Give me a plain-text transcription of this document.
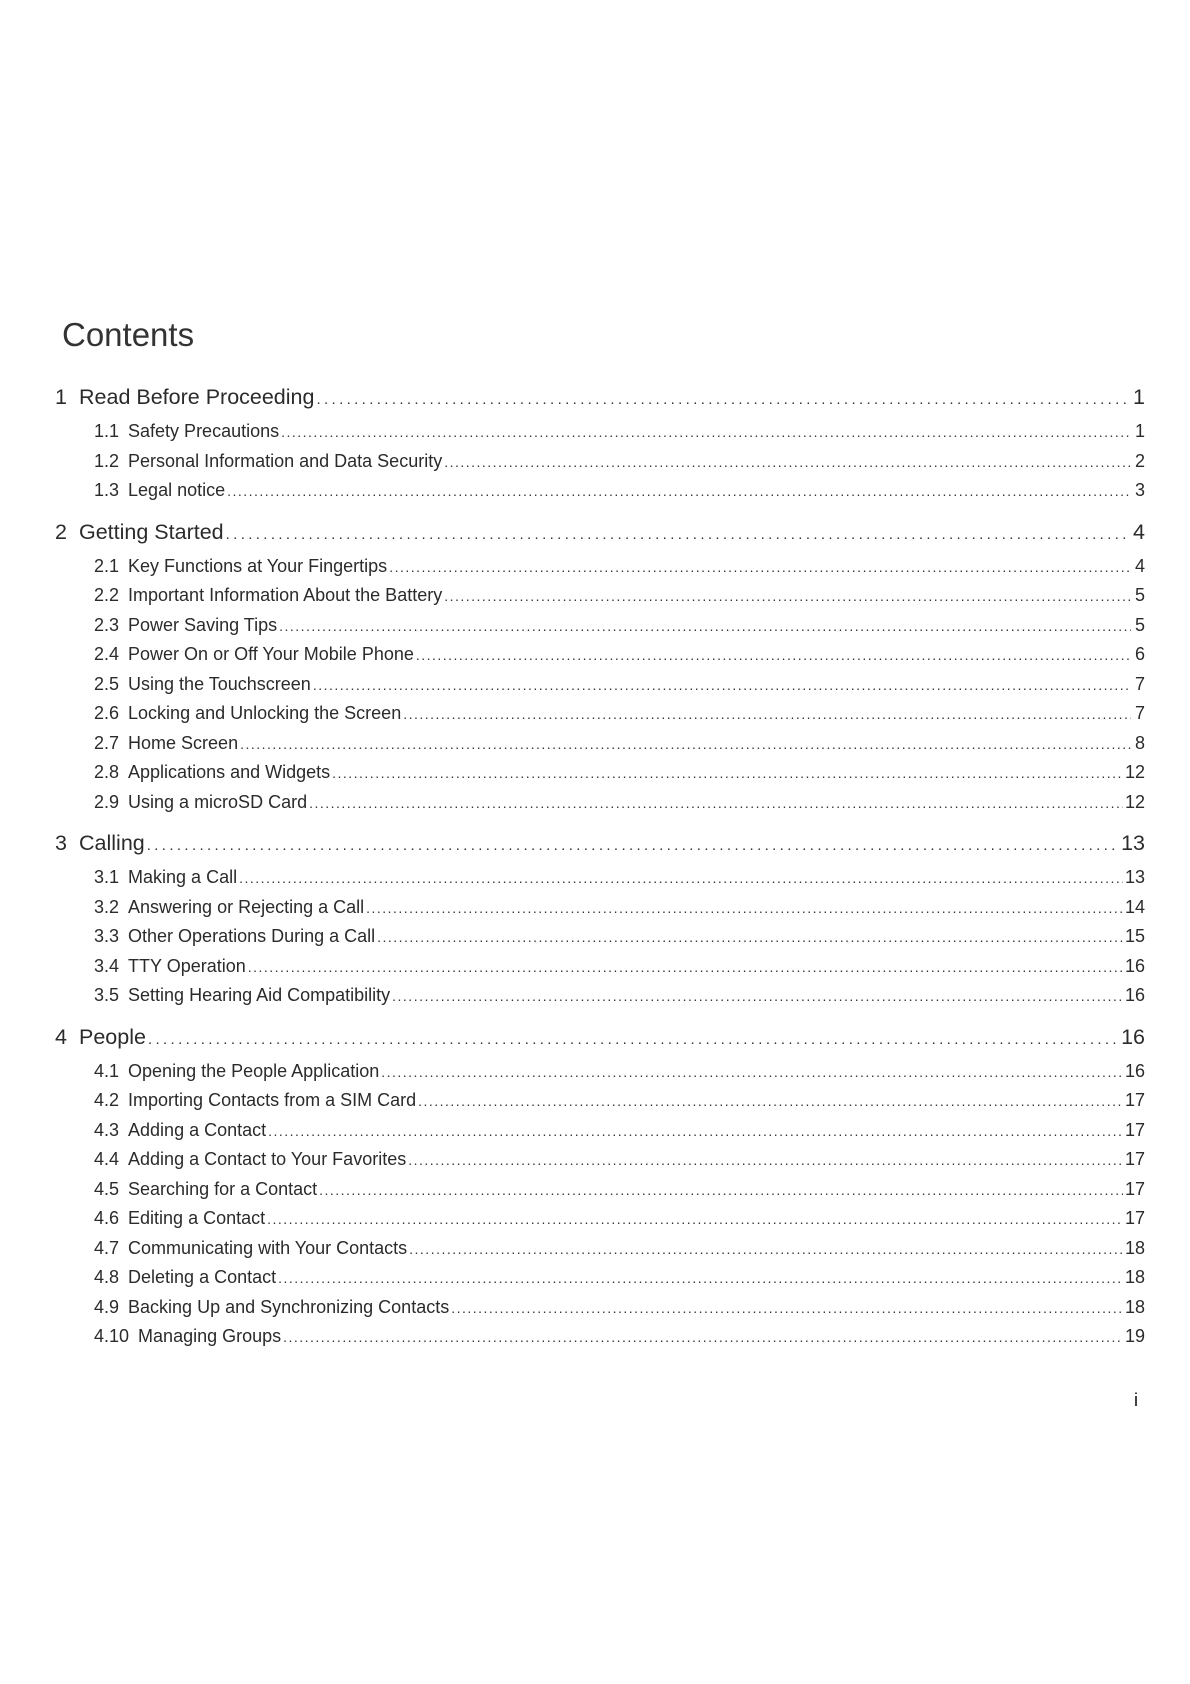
Contents
1 Read Before Proceeding . . .	1
1.1 Safety Precautions . . .	1
1.2 Personal Information and Data Security . . .	2
1.3 Legal notice . . .	3
2 Getting Started . . .	4
2.1 Key Functions at Your Fingertips . . .	4
2.2 Important Information About the Battery . . .	5
2.3 Power Saving Tips . . .	5
2.4 Power On or Off Your Mobile Phone . . .	6
2.5 Using the Touchscreen . . .	7
2.6 Locking and Unlocking the Screen . . .	7
2.7 Home Screen . . .	8
2.8 Applications and Widgets . . .	12
2.9 Using a microSD Card . . .	12
3 Calling . . .	13
3.1 Making a Call . . .	13
3.2 Answering or Rejecting a Call . . .	14
3.3 Other Operations During a Call . . .	15
3.4 TTY Operation . . .	16
3.5 Setting Hearing Aid Compatibility . . .	16
4 People . . .	16
4.1 Opening the People Application . . .	16
4.2 Importing Contacts from a SIM Card . . .	17
4.3 Adding a Contact . . .	17
4.4 Adding a Contact to Your Favorites . . .	17
4.5 Searching for a Contact . . .	17
4.6 Editing a Contact . . .	17
4.7 Communicating with Your Contacts . . .	18
4.8 Deleting a Contact . . .	18
4.9 Backing Up and Synchronizing Contacts . . .	18
4.10 Managing Groups . . .	19
i
